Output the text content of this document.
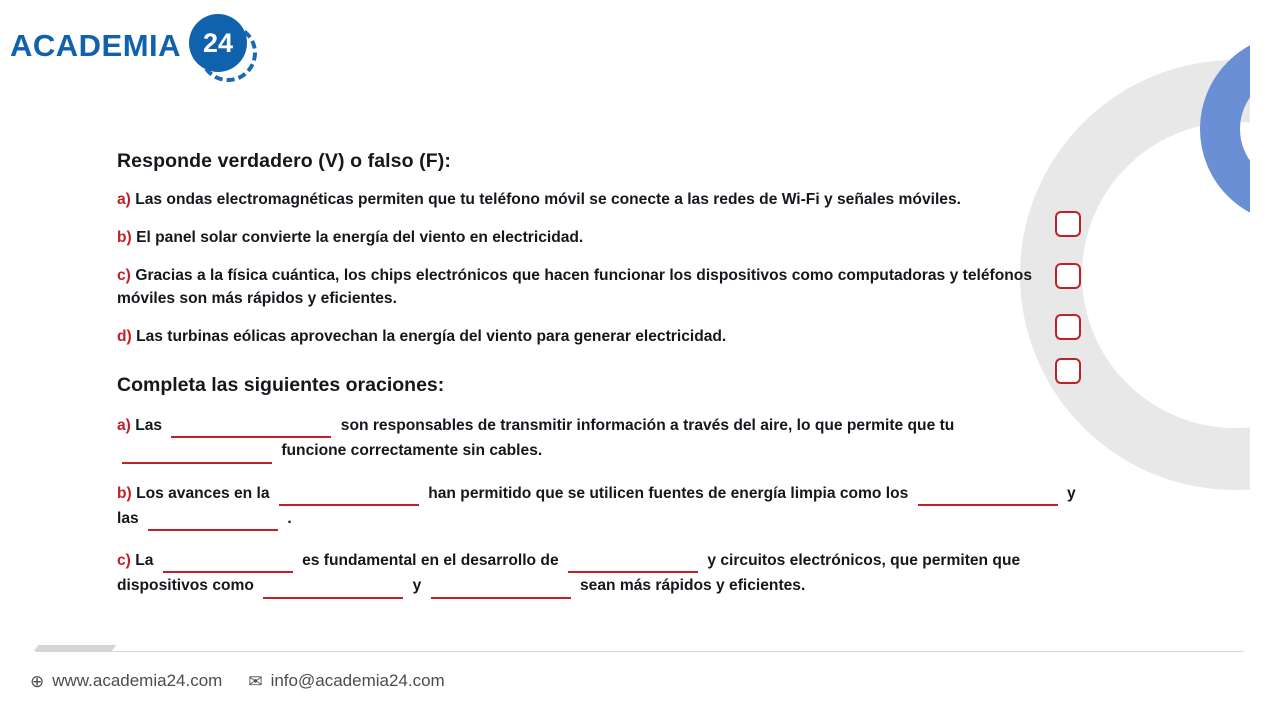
ACADEMIA 24
Responde verdadero (V) o falso (F):

a) Las ondas electromagnéticas permiten que tu teléfono móvil se conecte a las redes de Wi-Fi y señales móviles.

b) El panel solar convierte la energía del viento en electricidad.

c) Gracias a la física cuántica, los chips electrónicos que hacen funcionar los dispositivos como computadoras y teléfonos móviles son más rápidos y eficientes.

d) Las turbinas eólicas aprovechan la energía del viento para generar electricidad.

Completa las siguientes oraciones:

a) Las	son responsables de transmitir información a través del aire, lo que permite que tu  funcione correctamente sin cables.

b) Los avances en la	han permitido que se utilicen fuentes de energía limpia como los	y las	.

c) La	es fundamental en el desarrollo de	y circuitos electrónicos, que permiten que dispositivos como	y	sean más rápidos y eficientes.

⊕ www.academia24.com ✉ info@academia24.com
